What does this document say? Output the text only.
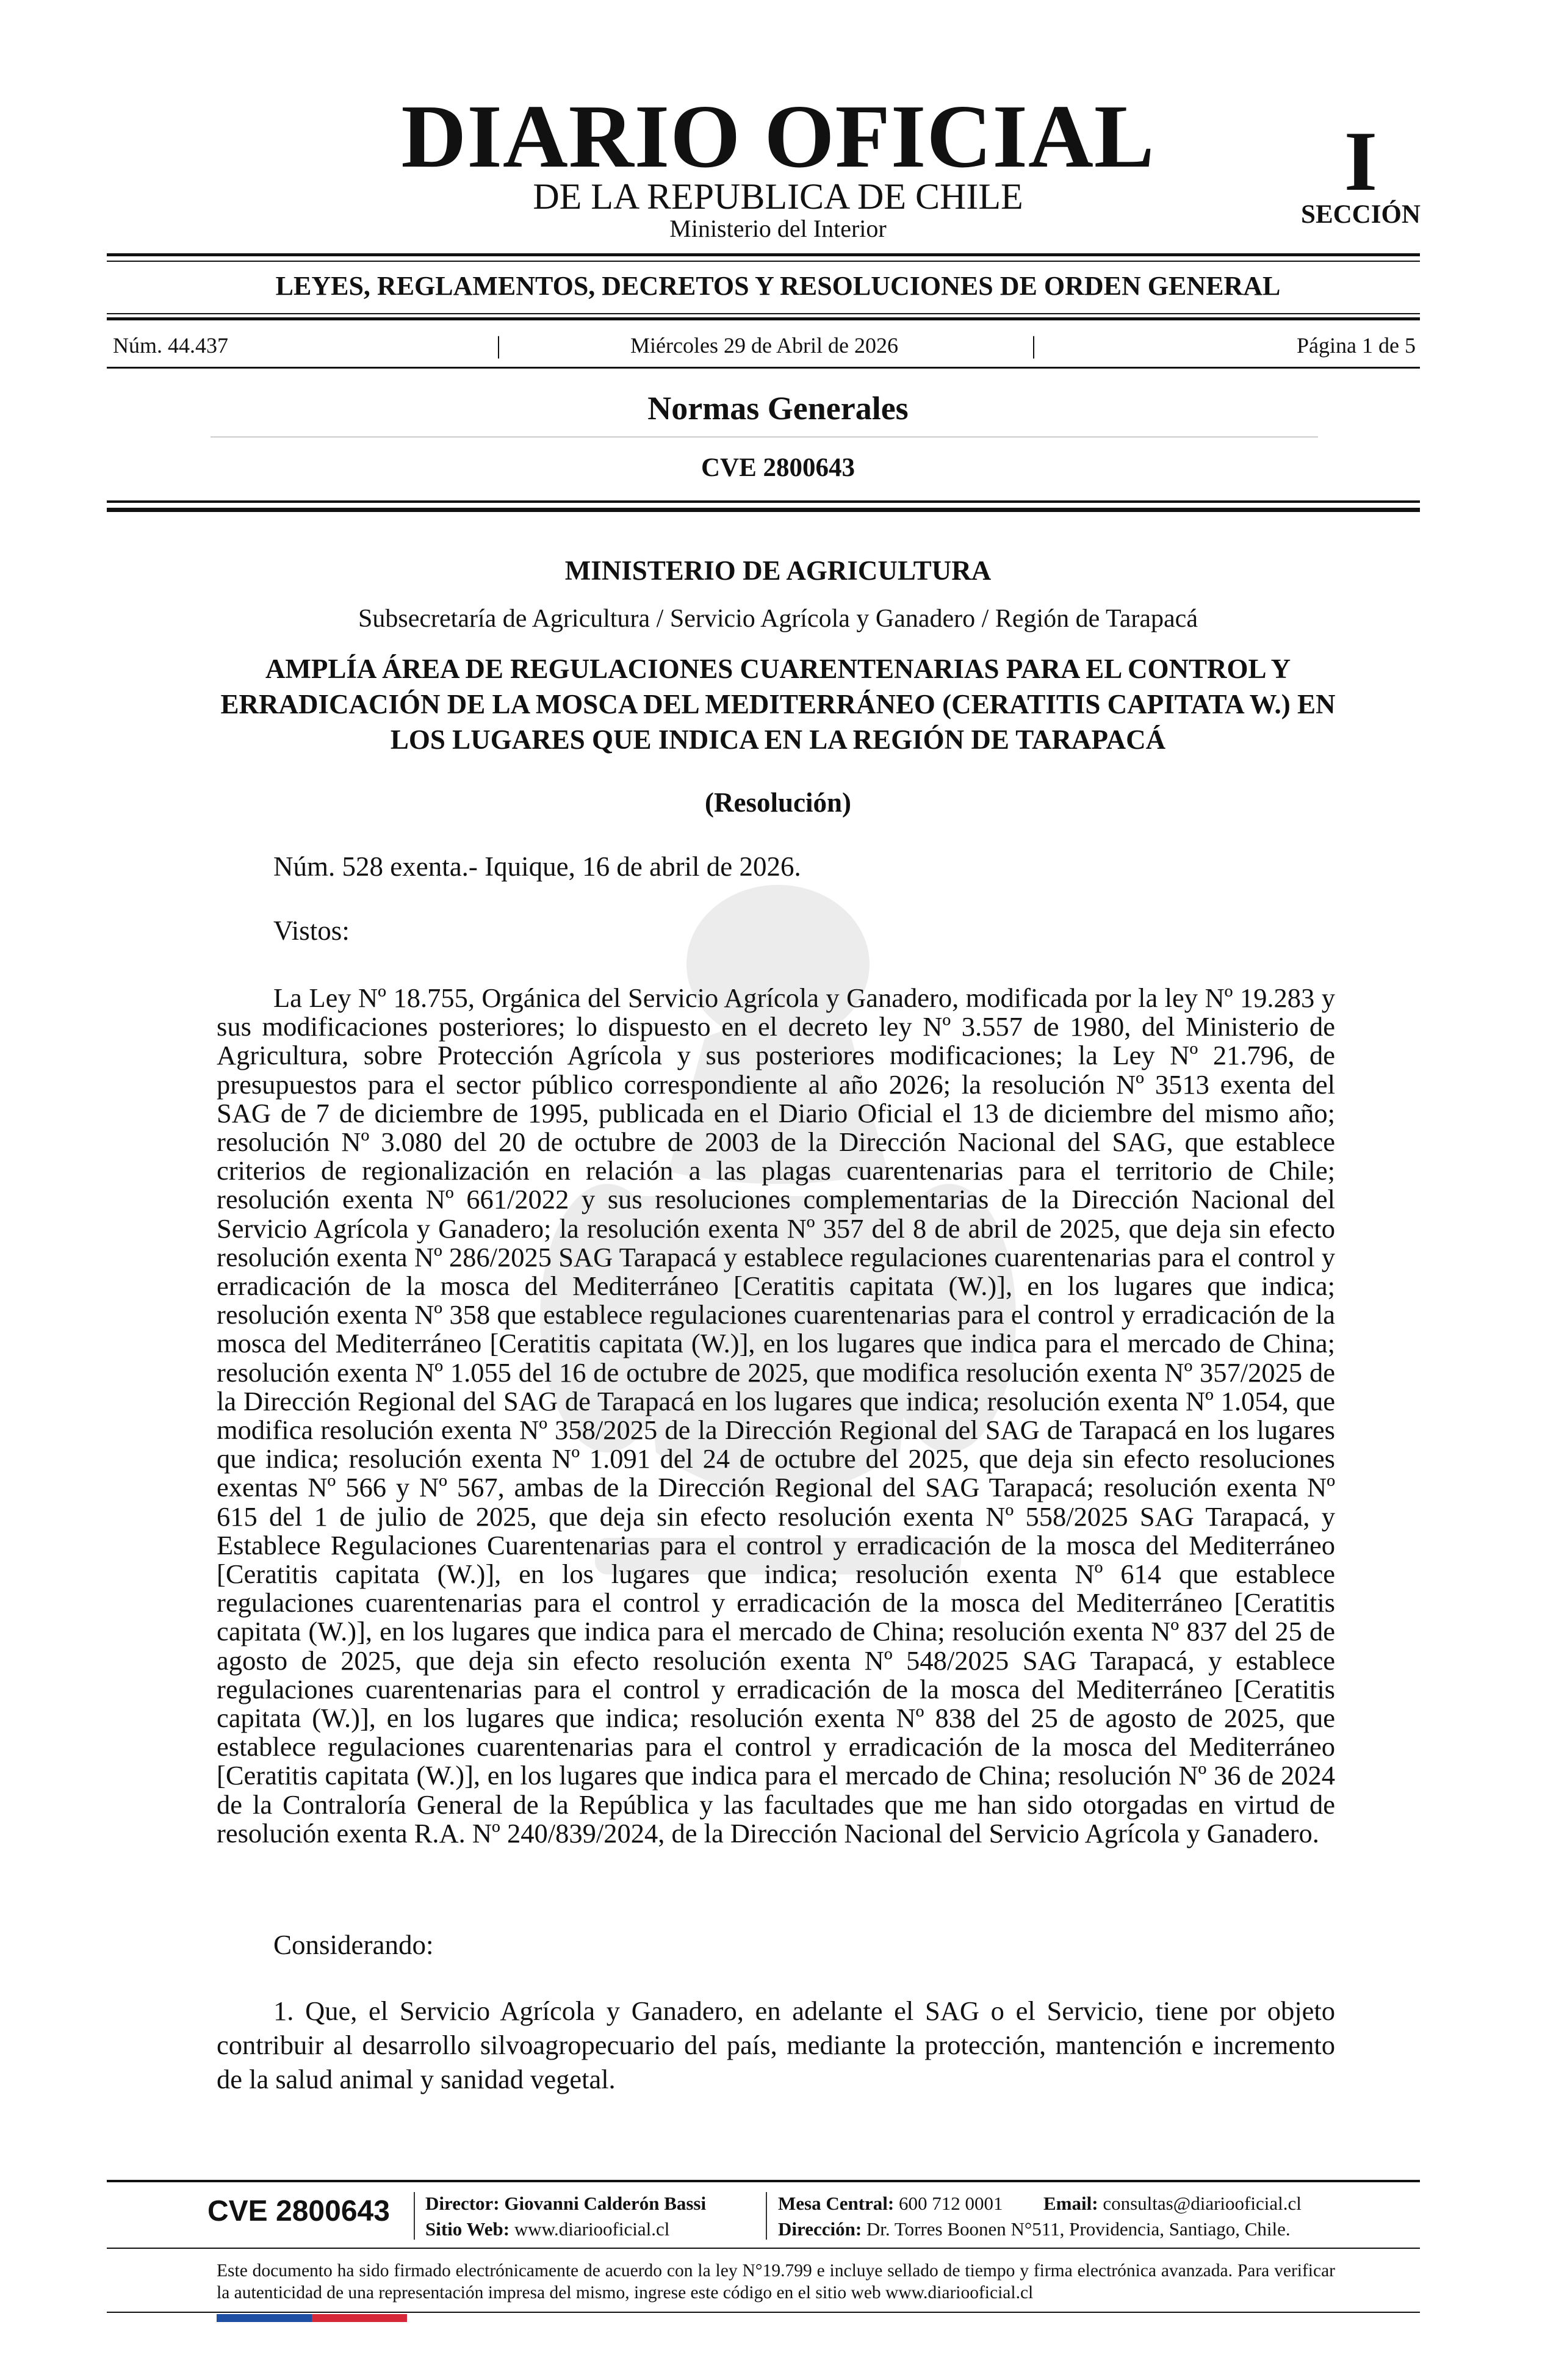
DIARIO OFICIAL
DE LA REPUBLICA DE CHILE
Ministerio del Interior
I
SECCIÓN
LEYES, REGLAMENTOS, DECRETOS Y RESOLUCIONES DE ORDEN GENERAL
Núm. 44.437	|	Miércoles 29 de Abril de 2026	|	Página 1 de 5
Normas Generales
CVE 2800643
MINISTERIO DE AGRICULTURA
Subsecretaría de Agricultura / Servicio Agrícola y Ganadero / Región de Tarapacá
AMPLÍA ÁREA DE REGULACIONES CUARENTENARIAS PARA EL CONTROL Y ERRADICACIÓN DE LA MOSCA DEL MEDITERRÁNEO (CERATITIS CAPITATA W.) EN LOS LUGARES QUE INDICA EN LA REGIÓN DE TARAPACÁ
(Resolución)
Núm. 528 exenta.- Iquique, 16 de abril de 2026.
Vistos:
La Ley Nº 18.755, Orgánica del Servicio Agrícola y Ganadero, modificada por la ley Nº 19.283 y sus modificaciones posteriores; lo dispuesto en el decreto ley Nº 3.557 de 1980, del Ministerio de Agricultura, sobre Protección Agrícola y sus posteriores modificaciones; la Ley Nº 21.796, de presupuestos para el sector público correspondiente al año 2026; la resolución Nº 3513 exenta del SAG de 7 de diciembre de 1995, publicada en el Diario Oficial el 13 de diciembre del mismo año; resolución Nº 3.080 del 20 de octubre de 2003 de la Dirección Nacional del SAG, que establece criterios de regionalización en relación a las plagas cuarentenarias para el territorio de Chile; resolución exenta Nº 661/2022 y sus resoluciones complementarias de la Dirección Nacional del Servicio Agrícola y Ganadero; la resolución exenta Nº 357 del 8 de abril de 2025, que deja sin efecto resolución exenta Nº 286/2025 SAG Tarapacá y establece regulaciones cuarentenarias para el control y erradicación de la mosca del Mediterráneo [Ceratitis capitata (W.)], en los lugares que indica; resolución exenta Nº 358 que establece regulaciones cuarentenarias para el control y erradicación de la mosca del Mediterráneo [Ceratitis capitata (W.)], en los lugares que indica para el mercado de China; resolución exenta Nº 1.055 del 16 de octubre de 2025, que modifica resolución exenta Nº 357/2025 de la Dirección Regional del SAG de Tarapacá en los lugares que indica; resolución exenta Nº 1.054, que modifica resolución exenta Nº 358/2025 de la Dirección Regional del SAG de Tarapacá en los lugares que indica; resolución exenta Nº 1.091 del 24 de octubre del 2025, que deja sin efecto resoluciones exentas Nº 566 y Nº 567, ambas de la Dirección Regional del SAG Tarapacá; resolución exenta Nº 615 del 1 de julio de 2025, que deja sin efecto resolución exenta Nº 558/2025 SAG Tarapacá, y Establece Regulaciones Cuarentenarias para el control y erradicación de la mosca del Mediterráneo [Ceratitis capitata (W.)], en los lugares que indica; resolución exenta Nº 614 que establece regulaciones cuarentenarias para el control y erradicación de la mosca del Mediterráneo [Ceratitis capitata (W.)], en los lugares que indica para el mercado de China; resolución exenta Nº 837 del 25 de agosto de 2025, que deja sin efecto resolución exenta Nº 548/2025 SAG Tarapacá, y establece regulaciones cuarentenarias para el control y erradicación de la mosca del Mediterráneo [Ceratitis capitata (W.)], en los lugares que indica; resolución exenta Nº 838 del 25 de agosto de 2025, que establece regulaciones cuarentenarias para el control y erradicación de la mosca del Mediterráneo [Ceratitis capitata (W.)], en los lugares que indica para el mercado de China; resolución Nº 36 de 2024 de la Contraloría General de la República y las facultades que me han sido otorgadas en virtud de resolución exenta R.A. Nº 240/839/2024, de la Dirección Nacional del Servicio Agrícola y Ganadero.
Considerando:
1. Que, el Servicio Agrícola y Ganadero, en adelante el SAG o el Servicio, tiene por objeto contribuir al desarrollo silvoagropecuario del país, mediante la protección, mantención e incremento de la salud animal y sanidad vegetal.
CVE 2800643 Director: Giovanni Calderón Bassi
Sitio Web: www.diariooficial.cl
Mesa Central: 600 712 0001 Email: consultas@diariooficial.cl
Dirección: Dr. Torres Boonen N°511, Providencia, Santiago, Chile.
Este documento ha sido firmado electrónicamente de acuerdo con la ley N°19.799 e incluye sellado de tiempo y firma electrónica avanzada. Para verificar la autenticidad de una representación impresa del mismo, ingrese este código en el sitio web www.diariooficial.cl
